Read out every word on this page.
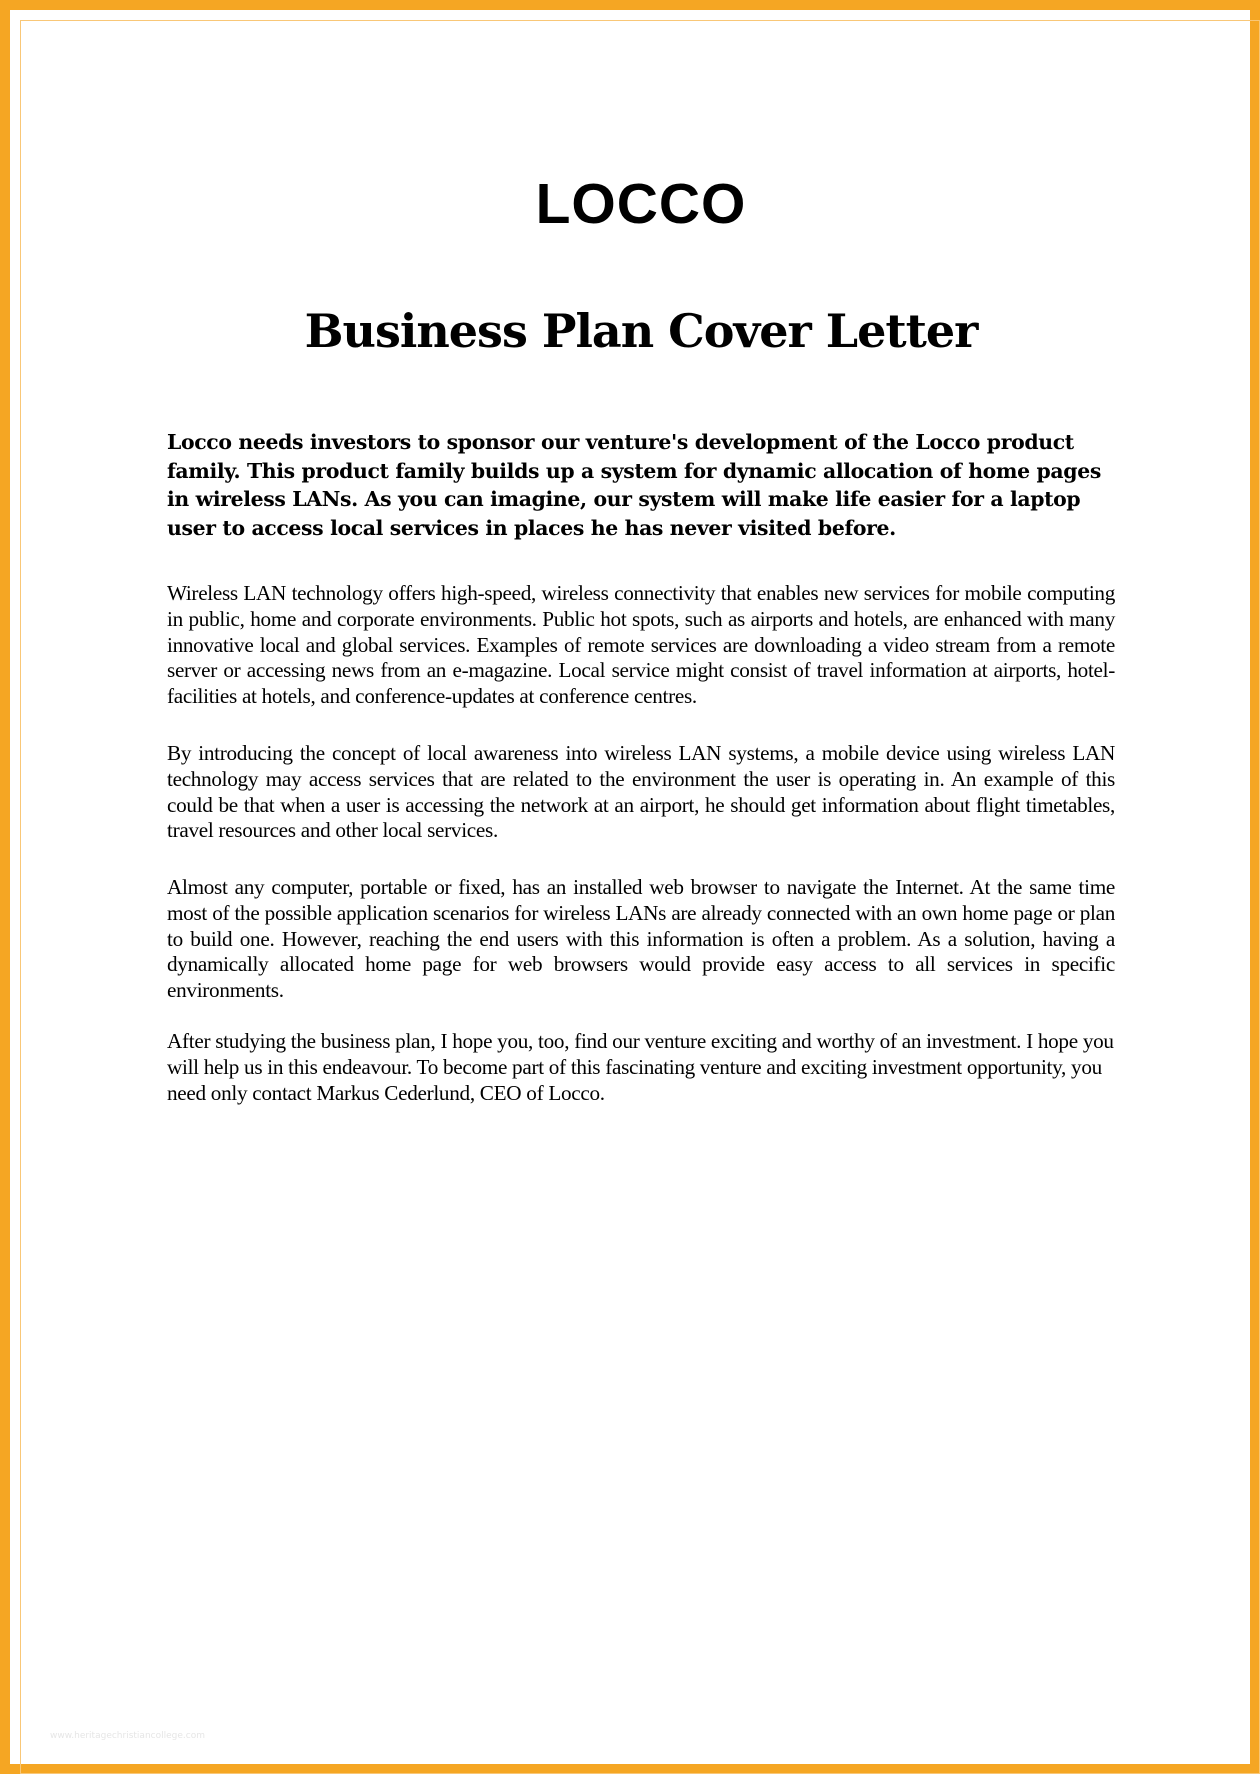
LOCCO
Business Plan Cover Letter

Locco needs investors to sponsor our venture's development of the Locco product family. This product family builds up a system for dynamic allocation of home pages in wireless LANs. As you can imagine, our system will make life easier for a laptop user to access local services in places he has never visited before.

Wireless LAN technology offers high-speed, wireless connectivity that enables new services for mobile computing in public, home and corporate environments. Public hot spots, such as airports and hotels, are enhanced with many innovative local and global services. Examples of remote services are downloading a video stream from a remote server or accessing news from an e-magazine. Local service might consist of travel information at airports, hotel-facilities at hotels, and conference-updates at conference centres.

By introducing the concept of local awareness into wireless LAN systems, a mobile device using wireless LAN technology may access services that are related to the environment the user is operating in. An example of this could be that when a user is accessing the network at an airport, he should get information about flight timetables, travel resources and other local services.

Almost any computer, portable or fixed, has an installed web browser to navigate the Internet. At the same time most of the possible application scenarios for wireless LANs are already connected with an own home page or plan to build one. However, reaching the end users with this information is often a problem. As a solution, having a dynamically allocated home page for web browsers would provide easy access to all services in specific environments.

After studying the business plan, I hope you, too, find our venture exciting and worthy of an investment. I hope you will help us in this endeavour. To become part of this fascinating venture and exciting investment opportunity, you need only contact Markus Cederlund, CEO of Locco.

www.heritagechristiancollege.com
